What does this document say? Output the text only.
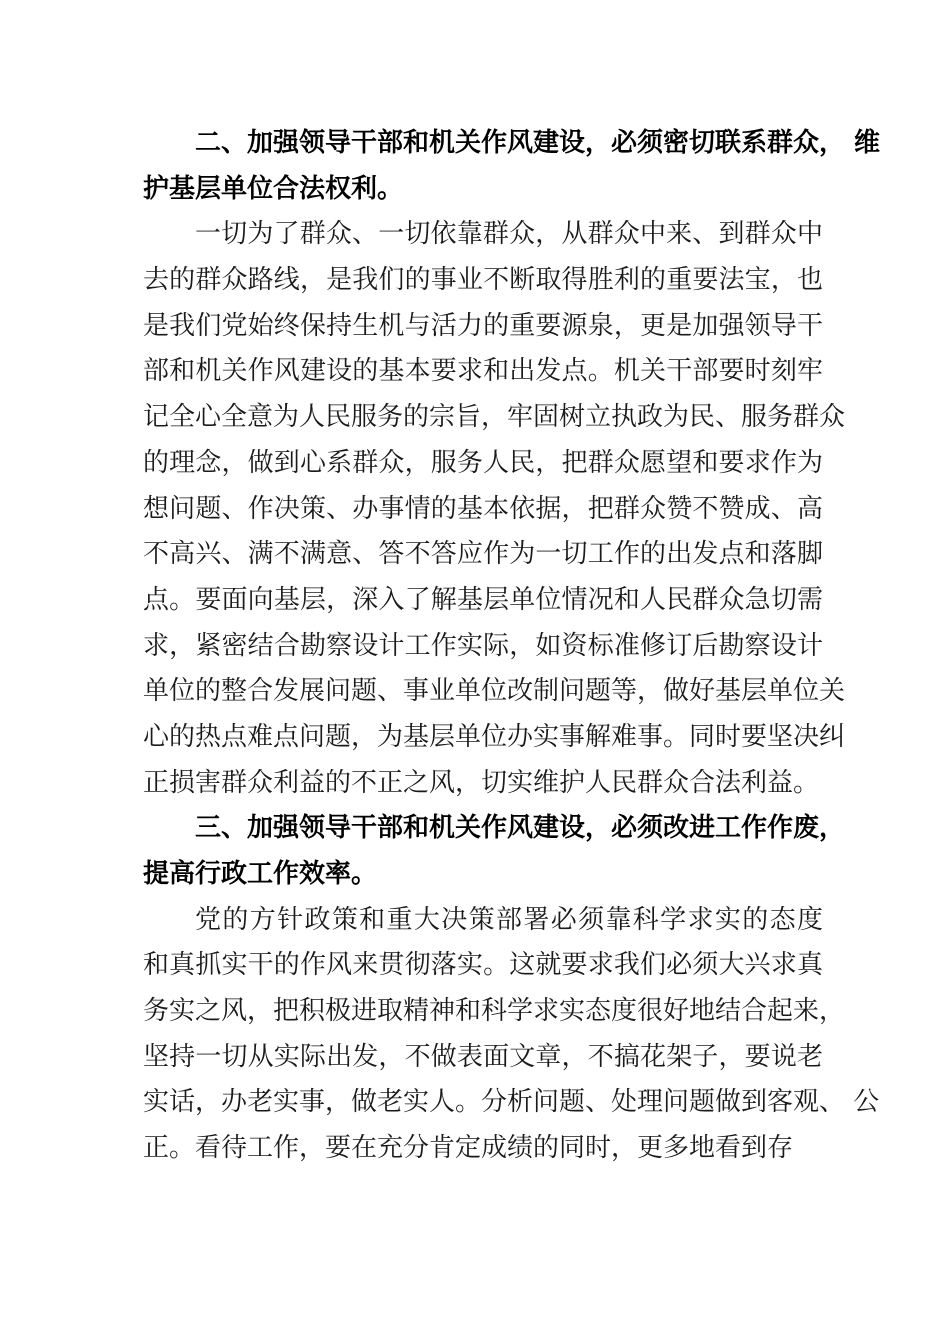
二、加强领导干部和机关作风建设，必须密切联系群众， 维
护基层单位合法权利。
一切为了群众、一切依靠群众，从群众中来、到群众中
去的群众路线，是我们的事业不断取得胜利的重要法宝，也
是我们党始终保持生机与活力的重要源泉，更是加强领导干
部和机关作风建设的基本要求和出发点。机关干部要时刻牢
记全心全意为人民服务的宗旨，牢固树立执政为民、服务群众
的理念，做到心系群众，服务人民，把群众愿望和要求作为
想问题、作决策、办事情的基本依据，把群众赞不赞成、高
不高兴、满不满意、答不答应作为一切工作的出发点和落脚
点。要面向基层，深入了解基层单位情况和人民群众急切需
求，紧密结合勘察设计工作实际，如资标准修订后勘察设计
单位的整合发展问题、事业单位改制问题等，做好基层单位关
心的热点难点问题，为基层单位办实事解难事。同时要坚决纠
正损害群众利益的不正之风，切实维护人民群众合法利益。
三、加强领导干部和机关作风建设，必须改进工作作废，
提高行政工作效率。
党的方针政策和重大决策部署必须靠科学求实的态度
和真抓实干的作风来贯彻落实。这就要求我们必须大兴求真
务实之风，把积极进取精神和科学求实态度很好地结合起来，
坚持一切从实际出发，不做表面文章，不搞花架子，要说老
实话，办老实事，做老实人。分析问题、处理问题做到客观、 公
正。看待工作，要在充分肯定成绩的同时，更多地看到存
